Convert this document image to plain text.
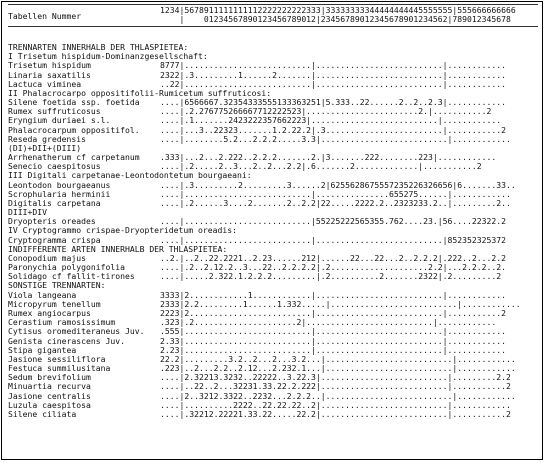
Tabellen Nummer

1234|5678911111111112222222222333|33333333344444444445555555|555666666666

|    01234567890123456789012|23456789012345678901234562|789012345678

TRENNARTEN INNERHALB DER THLASPIETEA:
I Trisetum hispidum-Dominanzgesellschaft:
Trisetum hispidum	8777|..........................|..........................|............
Linaria saxatilis	2322|.3.........1......2.......|..........................|............
Lactuca viminea	..22|..........................|..........................|............
II Phalacrocarpo oppositifolii-Rumicetum suffruticosi:
Silene foetida ssp. foetida	....|6566667.32354333555133363251|5.333..22......2..2..2.3|............
Rumex suffruticosus	....|.2.276775266667712222523|.......................2.|...........2
Eryngium duriaei s.l.	....|.1.......2423222357662223|..........................|............
Phalacrocarpum oppositifol.	....|...3..22323.......1.2.22.2|.3........................|...........2
Reseda gredensis	....|........5.2...2.2.2.....3.3|..........................|............
(DI)+DII+(DIII)
Arrhenatherum cf carpetanum	.333|...2...2.222..2.2.2.......2.|3.......222........223|............
Senecio caespitosus	....|.2.....2..3...2..2...2.2|.6.......2.............|...........2
III Digitali carpetanae-Leontodontetum bourgaeani:
Leontodon bourgaeanus	....|.3.........2.........3......2|6255628675557235226326656|6.......33..
Scrophularia herminii	....|..........................|...............655275......|............
Digitalis carpetana	....|.2......3....2.......2..2.2|22.....2222.2..2323233.2..|.........2..
DIII+DIV
Dryopteris oreades	....|..........................|55225222565355.762....23.|56....22322.2
IV Cryptogrammo crispae-Dryopteridetum oreadis:
Cryptogramma crispa	....|..........................|..........................|852352325372
INDIFFERENTE ARTEN INNERHALB DER THLASPIETEA:
Conopodium majus	..2.|..2..22.2221..2.23......212|......22...22...2..2.2.2|.222..2...2.2
Paronychia polygonifolia	....|.2..2.12.2..3...22..2.2.2.2|.2....................2.2|...2.2.2..2.
Solidago cf fallit-tirones	....|.....2.322.1.2.2.2.........|.2..........2.......2322|.2.........2
SONSTIGE TRENNARTEN:
Viola langeana	3333|2............1............|..........................|............
Micropyrum tenellum	2333|2.2.........1......1.332.....|..........................|............
Rumex angiocarpus	2223|2.........................|..........................|...........2
Cerastium ramosissimum	.323|.2.....................2|..........................|............
Cytisus oromediteraneus Juv.	.555|..........................|..........................|............
Genista cinerascens Juv.	2.33|..........................|..........................|............
Stipa gigantea	2.23|..........................|..........................|............
Jasione sessiliflora	22.2|.........3.2..2...2...3.2...|..........................|............
Festuca summilusitana	.223|..2...2.2..2.12...2.232.1...|..........................|............
Sedum brevifolium	....|2.32213.3232..22222..3.22.3|..........................|.........2.2
Minuartia recurva	....|..22..2...32231.33.22.2.222|..........................|...........2
Jasione centralis	....|2..3212.3322..2232...2.2.2..|..........................|............
Luzula caespitosa	....|..........2222..22.22.22..2|..........................|............
Silene ciliata	....|.32212.22221.33.22.....22.2|..........................|...........2
